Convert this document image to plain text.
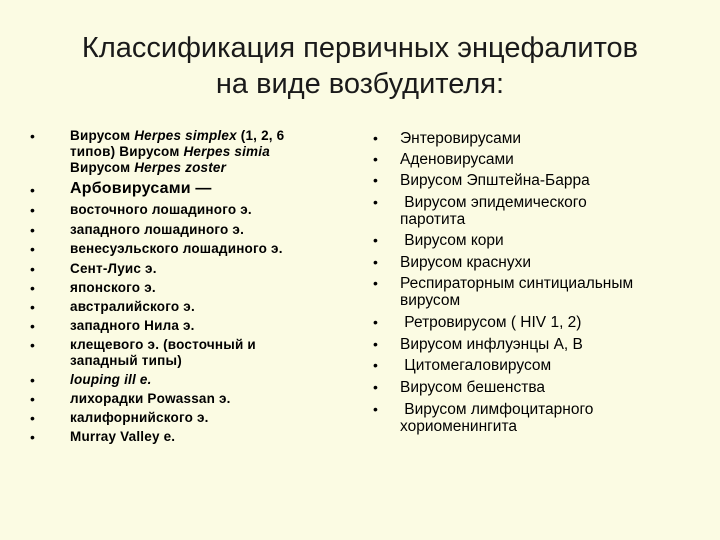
Классификация первичных энцефалитов
на виде возбудителя:
•	Вирусом Herpes simplex (1, 2, 6
типов) Вирусом Herpes simia
Вирусом Herpes zoster
• Арбовирусами —
•	восточного лошадиного э.
•	западного лошадиного э.
•	венесуэльского лошадиного э.
•	Сент-Луис э.
•	японского э.
•	австралийского э.
•	западного Нила э.
•	клещевого э. (восточный и
западный типы)
•	louping ill e.
•	лихорадки Powassan э.
•	калифорнийского э.
•	Murray Valley e.
• Энтеровирусами
• Аденовирусами
• Вирусом Эпштейна-Барра
• Вирусом эпидемического
паротита
• Вирусом кори
• Вирусом краснухи
• Респираторным синтициальным
вирусом
• Ретровирусом ( HIV 1, 2)
• Вирусом инфлуэнцы А, В
• Цитомегаловирусом
• Вирусом бешенства
• Вирусом лимфоцитарного
хориоменингита
